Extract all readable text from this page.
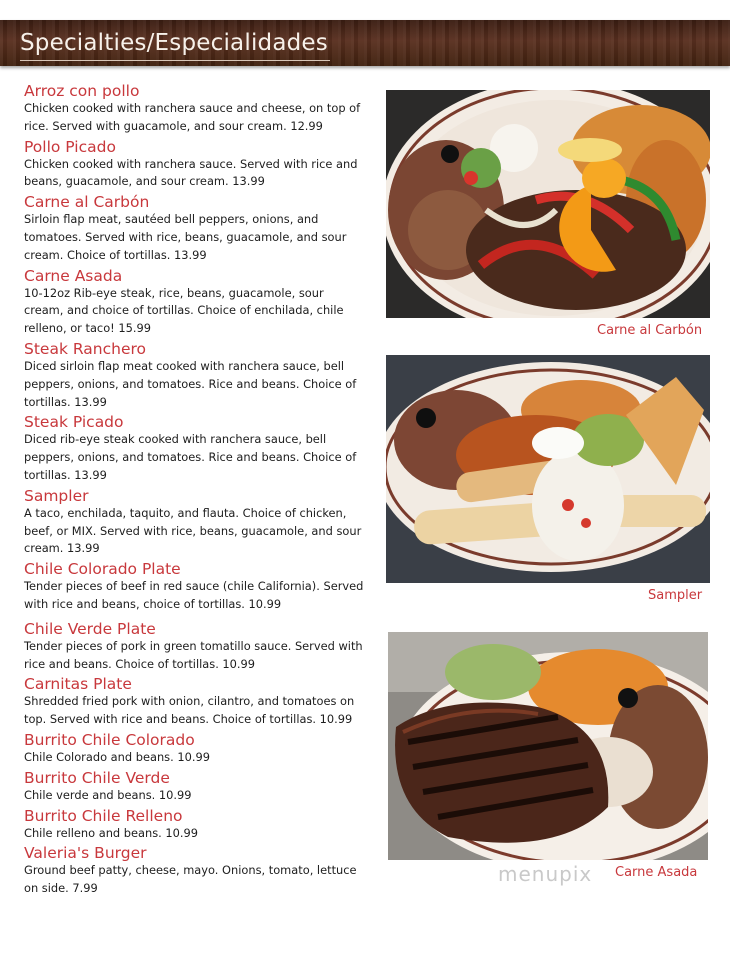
Specialties/Especialidades
Arroz con pollo
Chicken cooked with ranchera sauce and cheese, on top of rice. Served with guacamole, and sour cream. 12.99
Pollo Picado
Chicken cooked with ranchera sauce. Served with rice and beans, guacamole, and sour cream. 13.99
Carne al Carbón
Sirloin flap meat, sautéed bell peppers, onions, and tomatoes. Served with rice, beans, guacamole, and sour cream. Choice of tortillas. 13.99
Carne Asada
10-12oz Rib-eye steak, rice, beans, guacamole, sour cream, and choice of tortillas. Choice of enchilada, chile relleno, or taco! 15.99
Steak Ranchero
Diced sirloin flap meat cooked with ranchera sauce, bell peppers, onions, and tomatoes. Rice and beans. Choice of tortillas. 13.99
Steak Picado
Diced rib-eye steak cooked with ranchera sauce, bell peppers, onions, and tomatoes. Rice and beans. Choice of tortillas. 13.99
Sampler
A taco, enchilada, taquito, and flauta. Choice of chicken, beef, or MIX. Served with rice, beans, guacamole, and sour cream. 13.99
Chile Colorado Plate
Tender pieces of beef in red sauce (chile California). Served with rice and beans, choice of tortillas. 10.99
Chile Verde Plate
Tender pieces of pork in green tomatillo sauce. Served with rice and beans. Choice of tortillas. 10.99
Carnitas Plate
Shredded fried pork with onion, cilantro, and tomatoes on top. Served with rice and beans. Choice of tortillas. 10.99
Burrito Chile Colorado
Chile Colorado and beans. 10.99
Burrito Chile Verde
Chile verde and beans. 10.99
Burrito Chile Relleno
Chile relleno and beans. 10.99
Valeria's Burger
Ground beef patty, cheese, mayo. Onions, tomato, lettuce on side. 7.99
Carne al Carbón
Sampler
menupix Carne Asada
